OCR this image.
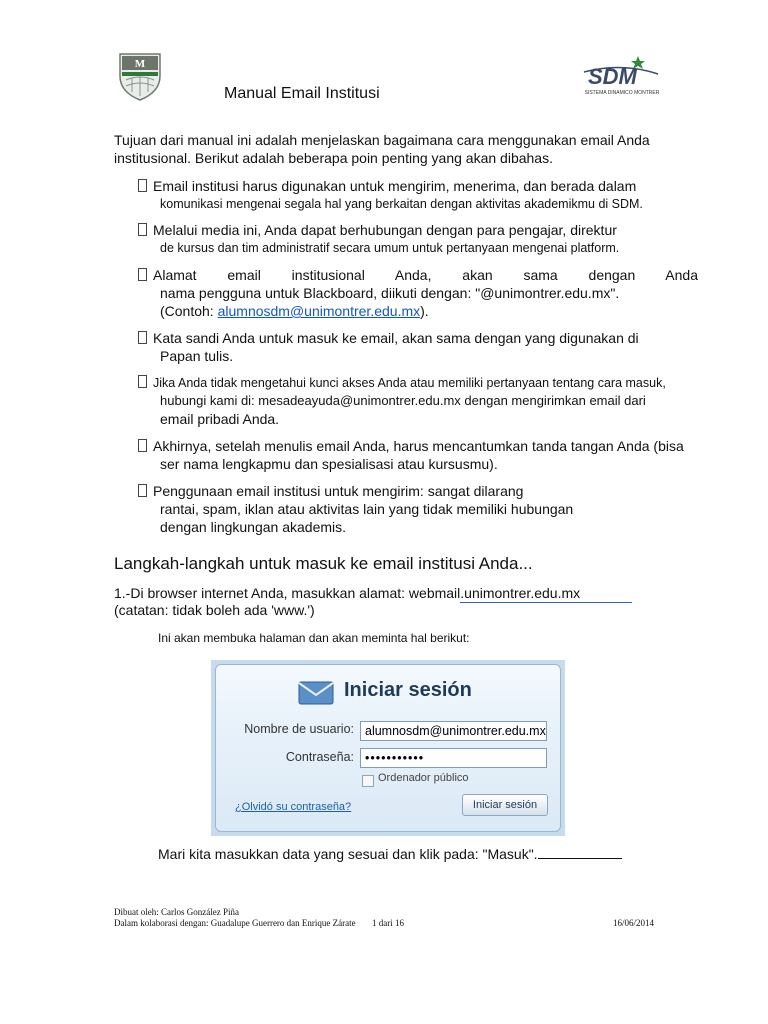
M
Manual Email Institusi
SDM
SISTEMA DINAMICO MONTRER
Tujuan dari manual ini adalah menjelaskan bagaimana cara menggunakan email Anda institusional. Berikut adalah beberapa poin penting yang akan dibahas.
Email institusi harus digunakan untuk mengirim, menerima, dan berada dalam
komunikasi mengenai segala hal yang berkaitan dengan aktivitas akademikmu di SDM.
Melalui media ini, Anda dapat berhubungan dengan para pengajar, direktur
de kursus dan tim administratif secara umum untuk pertanyaan mengenai platform.
Alamat email institusional Anda, akan sama dengan Anda
nama pengguna untuk Blackboard, diikuti dengan: "@unimontrer.edu.mx".
(Contoh: alumnosdm@unimontrer.edu.mx).
Kata sandi Anda untuk masuk ke email, akan sama dengan yang digunakan di
Papan tulis.
Jika Anda tidak mengetahui kunci akses Anda atau memiliki pertanyaan tentang cara masuk,
hubungi kami di: mesadeayuda@unimontrer.edu.mx dengan mengirimkan email dari
email pribadi Anda.
Akhirnya, setelah menulis email Anda, harus mencantumkan tanda tangan Anda (bisa
ser nama lengkapmu dan spesialisasi atau kursusmu).
Penggunaan email institusi untuk mengirim: sangat dilarang
rantai, spam, iklan atau aktivitas lain yang tidak memiliki hubungan
dengan lingkungan akademis.
Langkah-langkah untuk masuk ke email institusi Anda...
1.-Di browser internet Anda, masukkan alamat: webmail.unimontrer.edu.mx
(catatan: tidak boleh ada 'www.')
Ini akan membuka halaman dan akan meminta hal berikut:
Iniciar sesión
Nombre de usuario: alumnosdm@unimontrer.edu.mx
Contraseña: •••••••••••
Ordenador público
¿Olvidó su contraseña?	Iniciar sesión
Mari kita masukkan data yang sesuai dan klik pada: "Masuk".
Dibuat oleh: Carlos González Piña
Dalam kolaborasi dengan: Guadalupe Guerrero dan Enrique Zárate 1 dari 16	16/06/2014
